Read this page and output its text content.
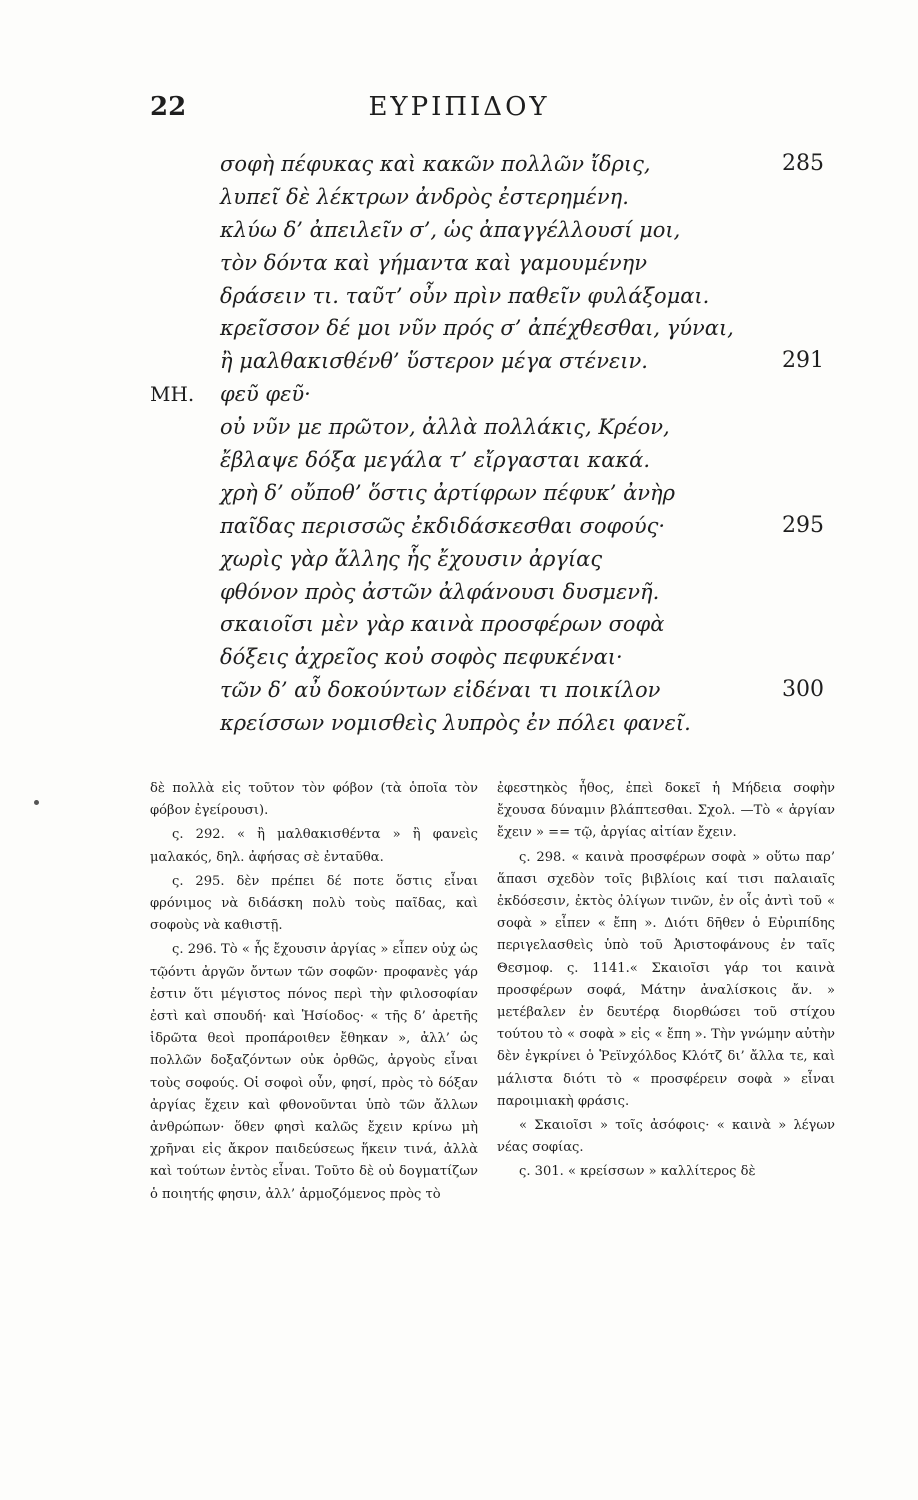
22	ΕΥΡΙΠΙΔΟΥ
σοφὴ πέφυκας καὶ κακῶν πολλῶν ἴδρις,	285
λυπεῖ δὲ λέκτρων ἀνδρὸς ἐστερημένη.
κλύω δ’ ἀπειλεῖν σ’, ὡς ἀπαγγέλλουσί μοι,
τὸν δόντα καὶ γήμαντα καὶ γαμουμένην
δράσειν τι. ταῦτ’ οὖν πρὶν παθεῖν φυλάξομαι.
κρεῖσσον δέ μοι νῦν πρός σ’ ἀπέχθεσθαι, γύναι,
ἢ μαλθακισθένθ’ ὕστερον μέγα στένειν.	291
ΜΗ. φεῦ φεῦ·
οὐ νῦν με πρῶτον, ἀλλὰ πολλάκις, Κρέον,
ἔβλαψε δόξα μεγάλα τ’ εἴργασται κακά.
χρὴ δ’ οὔποθ’ ὅστις ἀρτίφρων πέφυκ’ ἀνὴρ
παῖδας περισσῶς ἐκδιδάσκεσθαι σοφούς·	295
χωρὶς γὰρ ἄλλης ἧς ἔχουσιν ἀργίας
φθόνον πρὸς ἀστῶν ἀλφάνουσι δυσμενῆ.
σκαιοῖσι μὲν γὰρ καινὰ προσφέρων σοφὰ
δόξεις ἀχρεῖος κοὐ σοφὸς πεφυκέναι·
τῶν δ’ αὖ δοκούντων εἰδέναι τι ποικίλον	300
κρείσσων νομισθεὶς λυπρὸς ἐν πόλει φανεῖ.

δὲ πολλὰ εἰς τοῦτον τὸν φόβον (τὰ ὁποῖα τὸν φόβον ἐγείρουσι).

ς. 292. « ἢ μαλθακισθέντα » ἢ φανεὶς μαλακός, δηλ. ἀφήσας σὲ ἐνταῦθα.

ς. 295. δὲν πρέπει δέ ποτε ὅστις εἶναι φρόνιμος νὰ διδάσκη πολὺ τοὺς παῖδας, καὶ σοφοὺς νὰ καθιστῇ.

ς. 296. Τὸ « ἧς ἔχουσιν ἀργίας » εἶπεν οὐχ ὡς τῷόντι ἀργῶν ὄντων τῶν σοφῶν· προφανὲς γάρ ἐστιν ὅτι μέγιστος πόνος περὶ τὴν φιλοσοφίαν ἐστὶ καὶ σπουδή· καὶ Ἡσίοδος· « τῆς δ’ ἀρετῆς ἱδρῶτα θεοὶ προπάροιθεν ἔθηκαν », ἀλλ’ ὡς πολλῶν δοξαζόντων οὐκ ὀρθῶς, ἀργοὺς εἶναι τοὺς σοφούς. Οἱ σοφοὶ οὖν, φησί, πρὸς τὸ δόξαν ἀργίας ἔχειν καὶ φθονοῦνται ὑπὸ τῶν ἄλλων ἀνθρώπων· ὅθεν φησὶ καλῶς ἔχειν κρίνω μὴ χρῆναι εἰς ἄκρον παιδεύσεως ἥκειν τινά, ἀλλὰ καὶ τούτων ἐντὸς εἶναι. Τοῦτο δὲ οὐ δογματίζων ὁ ποιητής φησιν, ἀλλ’ ἁρμοζόμενος πρὸς τὸ

ἐφεστηκὸς ἦθος, ἐπεὶ δοκεῖ ἡ Μήδεια σοφὴν ἔχουσα δύναμιν βλάπτεσθαι. Σχολ. —Τὸ « ἀργίαν ἔχειν » == τῷ, ἀργίας αἰτίαν ἔχειν.

ς. 298. « καινὰ προσφέρων σοφὰ » οὕτω παρ’ ἅπασι σχεδὸν τοῖς βιβλίοις καί τισι παλαιαῖς ἐκδόσεσιν, ἐκτὸς ὀλίγων τινῶν, ἐν οἷς ἀντὶ τοῦ « σοφὰ » εἶπεν « ἔπη ». Διότι δῆθεν ὁ Εὐριπίδης περιγελασθεὶς ὑπὸ τοῦ Ἀριστοφάνους ἐν ταῖς Θεσμοφ. ς. 1141.« Σκαιοῖσι γάρ τοι καινὰ προσφέρων σοφά, Μάτην ἀναλίσκοις ἄν. » μετέβαλεν ἐν δευτέρᾳ διορθώσει τοῦ στίχου τούτου τὸ « σοφὰ » εἰς « ἔπη ». Τὴν γνώμην αὐτὴν δὲν ἐγκρίνει ὁ Ῥεϊνχόλδος Κλότζ δι’ ἄλλα τε, καὶ μάλιστα διότι τὸ « προσφέρειν σοφὰ » εἶναι παροιμιακὴ φράσις.

« Σκαιοῖσι » τοῖς ἀσόφοις· « καινὰ » λέγων νέας σοφίας.

ς. 301. « κρείσσων » καλλίτερος δὲ
